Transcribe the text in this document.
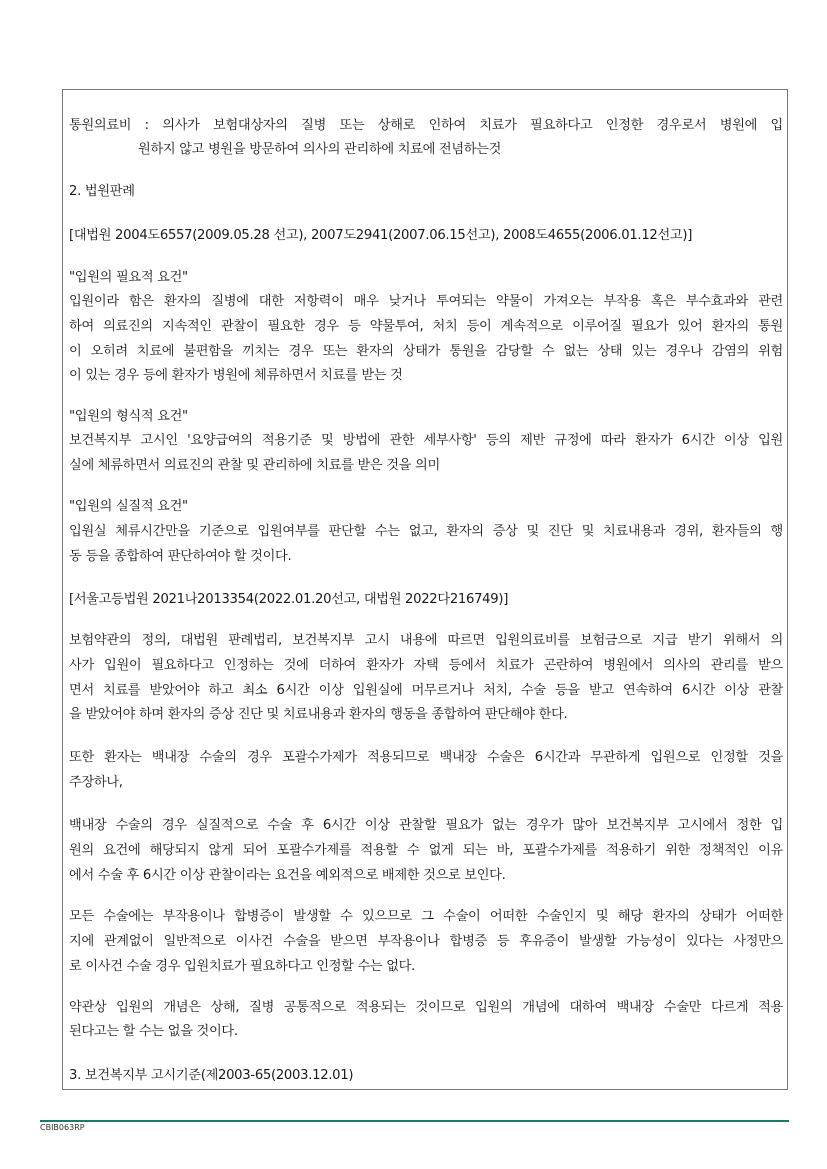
통원의료비 : 의사가 보험대상자의 질병 또는 상해로 인하여 치료가 필요하다고 인정한 경우로서 병원에 입
원하지 않고 병원을 방문하여 의사의 관리하에 치료에 전념하는것
2. 법원판례
[대법원 2004도6557(2009.05.28 선고), 2007도2941(2007.06.15선고), 2008도4655(2006.01.12선고)]
"입원의 필요적 요건"
입원이라 함은 환자의 질병에 대한 저항력이 매우 낮거나 투여되는 약물이 가져오는 부작용 혹은 부수효과와 관련
하여 의료진의 지속적인 관찰이 필요한 경우 등 약물투여, 처치 등이 계속적으로 이루어질 필요가 있어 환자의 통원
이 오히려 치료에 불편함을 끼치는 경우 또는 환자의 상태가 통원을 감당할 수 없는 상태 있는 경우나 감염의 위험
이 있는 경우 등에 환자가 병원에 체류하면서 치료를 받는 것
"입원의 형식적 요건"
보건복지부 고시인 '요양급여의 적용기준 및 방법에 관한 세부사항' 등의 제반 규정에 따라 환자가 6시간 이상 입원
실에 체류하면서 의료진의 관찰 및 관리하에 치료를 받은 것을 의미
"입원의 실질적 요건"
입원실 체류시간만을 기준으로 입원여부를 판단할 수는 없고, 환자의 증상 및 진단 및 치료내용과 경위, 환자들의 행
동 등을 종합하여 판단하여야 할 것이다.
[서울고등법원 2021나2013354(2022.01.20선고, 대법원 2022다216749)]
보험약관의 정의, 대법원 판례법리, 보건복지부 고시 내용에 따르면 입원의료비를 보험금으로 지급 받기 위해서 의
사가 입원이 필요하다고 인정하는 것에 더하여 환자가 자택 등에서 치료가 곤란하여 병원에서 의사의 관리를 받으
면서 치료를 받았어야 하고 최소 6시간 이상 입원실에 머무르거나 처치, 수술 등을 받고 연속하여 6시간 이상 관찰
을 받았어야 하며 환자의 증상 진단 및 치료내용과 환자의 행동을 종합하여 판단해야 한다.
또한 환자는 백내장 수술의 경우 포괄수가제가 적용되므로 백내장 수술은 6시간과 무관하게 입원으로 인정할 것을
주장하나,
백내장 수술의 경우 실질적으로 수술 후 6시간 이상 관찰할 필요가 없는 경우가 많아 보건복지부 고시에서 정한 입
원의 요건에 해당되지 않게 되어 포괄수가제를 적용할 수 없게 되는 바, 포괄수가제를 적용하기 위한 정책적인 이유
에서 수술 후 6시간 이상 관찰이라는 요건을 예외적으로 배제한 것으로 보인다.
모든 수술에는 부작용이나 합병증이 발생할 수 있으므로 그 수술이 어떠한 수술인지 및 해당 환자의 상태가 어떠한
지에 관계없이 일반적으로 이사건 수술을 받으면 부작용이나 합병증 등 후유증이 발생할 가능성이 있다는 사정만으
로 이사건 수술 경우 입원치료가 필요하다고 인정할 수는 없다.
약관상 입원의 개념은 상해, 질병 공통적으로 적용되는 것이므로 입원의 개념에 대하여 백내장 수술만 다르게 적용
된다고는 할 수는 없을 것이다.
3. 보건복지부 고시기준(제2003-65(2003.12.01)
CBIB063RP
